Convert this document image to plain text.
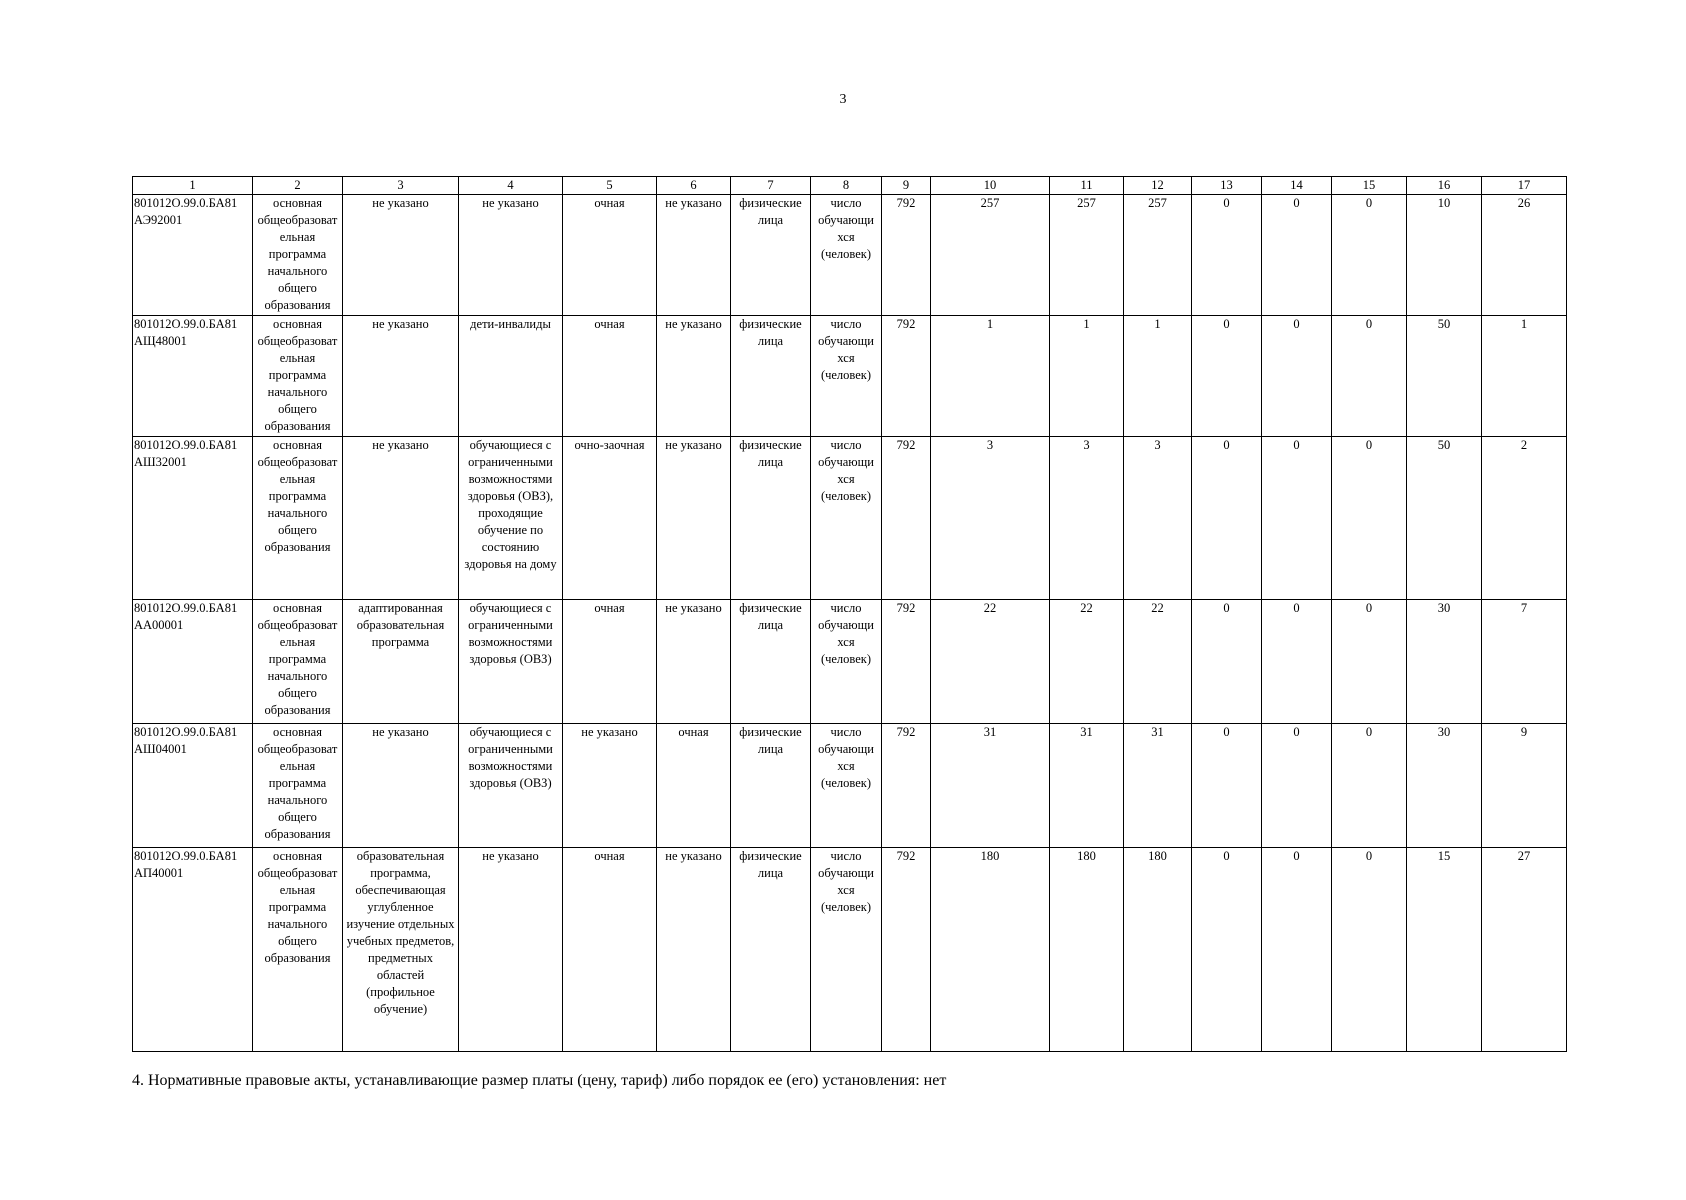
3
1	2	3	4	5	6	7	8	9	10	11	12	13	14	15	16	17
801012О.99.0.БА81 АЭ92001	основная общеобразоват ельная программа начального общего образования	не указано	не указано	очная	не указано	физические лица	число обучающи хся (человек)	792	257	257	257	0	0	0	10	26
801012О.99.0.БА81 АЩ48001	основная общеобразоват ельная программа начального общего образования	не указано	дети-инвалиды	очная	не указано	физические лица	число обучающи хся (человек)	792	1	1	1	0	0	0	50	1
801012О.99.0.БА81 АШ32001	основная общеобразоват ельная программа начального общего образования	не указано	обучающиеся с ограниченными возможностями здоровья (ОВЗ), проходящие обучение по состоянию здоровья на дому	очно-заочная	не указано	физические лица	число обучающи хся (человек)	792	3	3	3	0	0	0	50	2
801012О.99.0.БА81 АА00001	основная общеобразоват ельная программа начального общего образования	адаптированная образовательная программа	обучающиеся с ограниченными возможностями здоровья (ОВЗ)	очная	не указано	физические лица	число обучающи хся (человек)	792	22	22	22	0	0	0	30	7
801012О.99.0.БА81 АШ04001	основная общеобразоват ельная программа начального общего образования	не указано	обучающиеся с ограниченными возможностями здоровья (ОВЗ)	не указано	очная	физические лица	число обучающи хся (человек)	792	31	31	31	0	0	0	30	9
801012О.99.0.БА81 АП40001	основная общеобразоват ельная программа начального общего образования	образовательная программа, обеспечивающая углубленное изучение отдельных учебных предметов, предметных областей (профильное обучение)	не указано	очная	не указано	физические лица	число обучающи хся (человек)	792	180	180	180	0	0	0	15	27
4. Нормативные правовые акты, устанавливающие размер платы (цену, тариф) либо порядок ее (его) установления: нет
